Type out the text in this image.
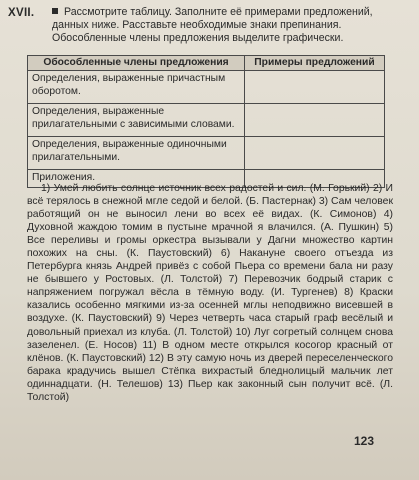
XVII.	Рассмотрите таблицу. Заполните её примерами предложений, данных ниже. Расставьте необходимые знаки препинания. Обособленные члены предложения выделите графически.
Обособленные члены предложения	Примеры предложений
Определения, выраженные причастным оборотом.	
Определения, выраженные прилагательными с зависимыми словами.	
Определения, выраженные одиночными прилагательными.	
Приложения.	

1) Умей любить солнце источник всех радостей и сил. (М. Горький) 2) И всё терялось в снежной мгле седой и белой. (Б. Пастернак) 3) Сам человек работящий он не выносил лени во всех её видах. (К. Симонов) 4) Духовной жаждою томим в пустыне мрачной я влачился. (А. Пушкин) 5) Все переливы и громы оркестра вызывали у Дагни множество картин похожих на сны. (К. Паустовский) 6) Накануне своего отъезда из Петербурга князь Андрей привёз с собой Пьера со времени бала ни разу не бывшего у Ростовых. (Л. Толстой) 7) Перевозчик бодрый старик с напряжением погружал вёсла в тёмную воду. (И. Тургенев) 8) Краски казались особенно мягкими из-за осенней мглы неподвижно висевшей в воздухе. (К. Паустовский) 9) Через четверть часа старый граф весёлый и довольный приехал из клуба. (Л. Толстой) 10) Луг согретый солнцем снова зазеленел. (Е. Носов) 11) В одном месте открылся косогор красный от клёнов. (К. Паустовский) 12) В эту самую ночь из дверей переселенческого барака крадучись вышел Стёпка вихрастый бледнолицый мальчик лет одиннадцати. (Н. Телешов) 13) Пьер как законный сын получит всё. (Л. Толстой)

123
